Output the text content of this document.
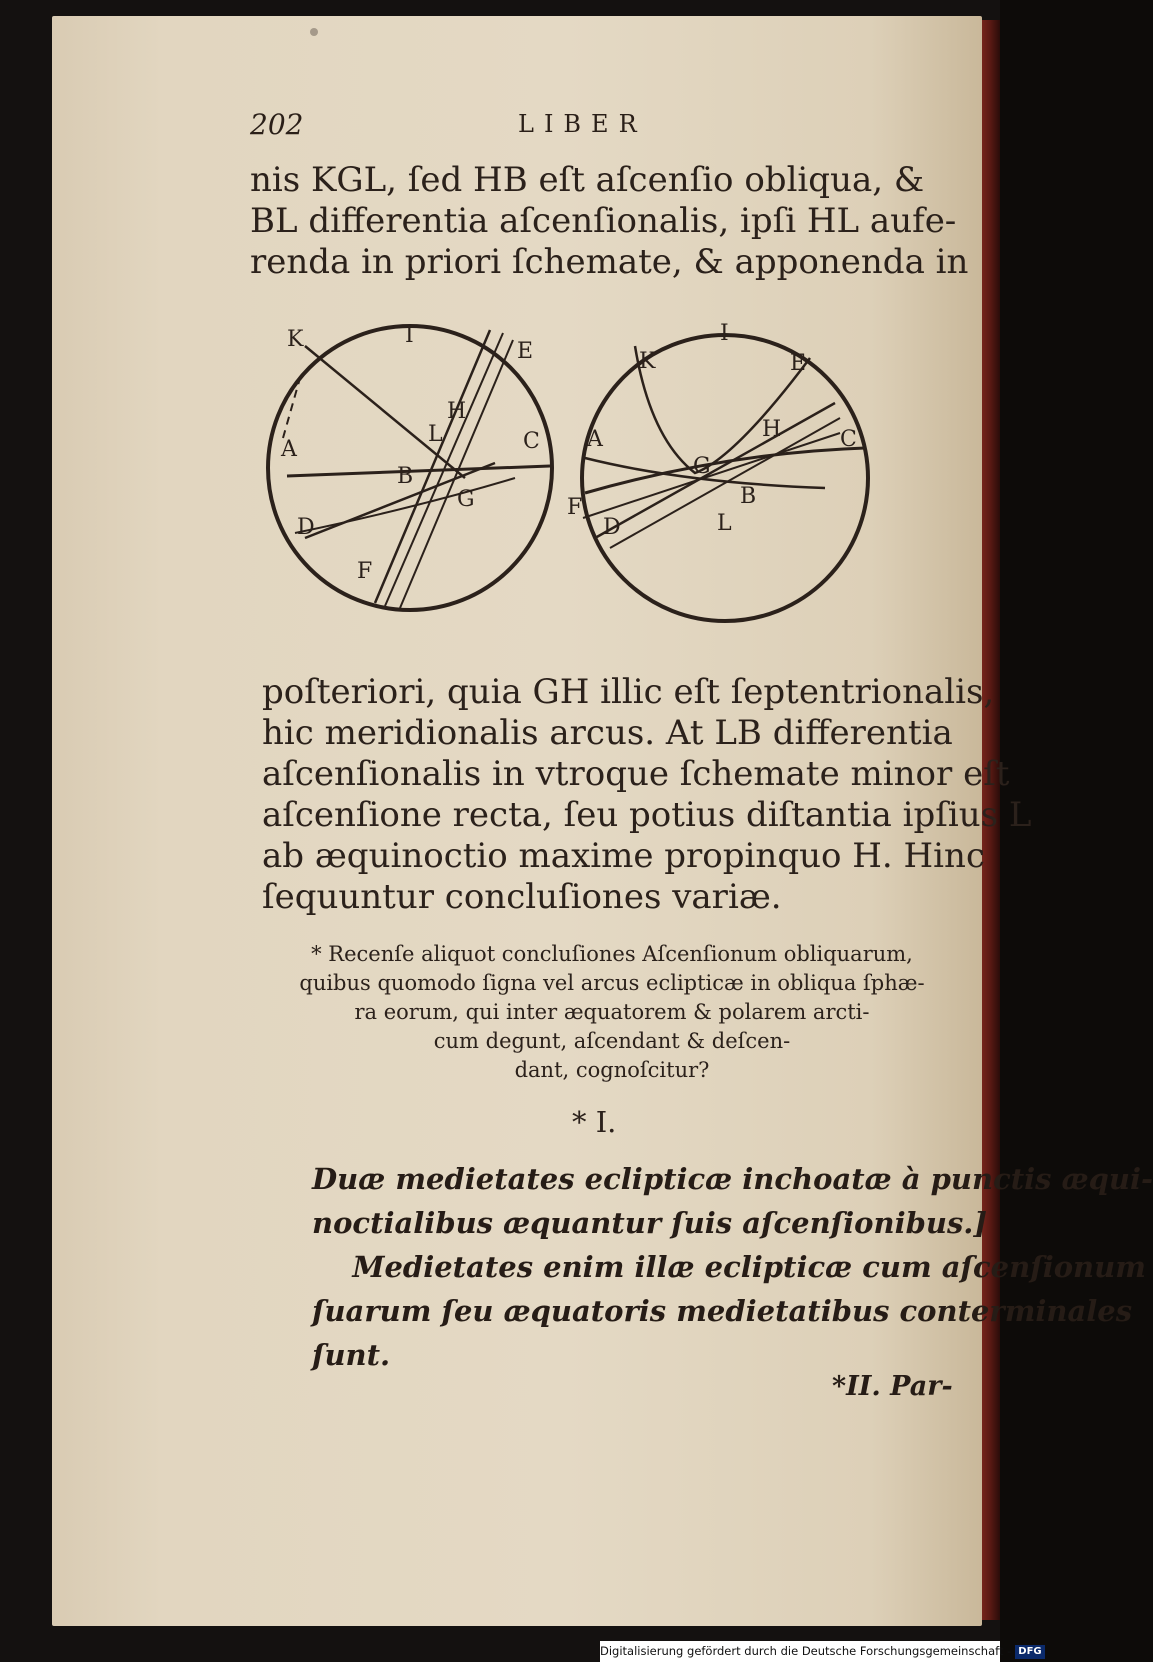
202	LIBER
nis KGL, ſed HB eſt aſcenſio obliqua, &
BL differentia aſcenſionalis, ipſi HL aufe-
renda in priori ſchemate, & apponenda in
K	I
E
H
L
A	C
B
G
D
F
I
K	E
A	H	C
G
F	B
D	L
poſteriori, quia GH illic eſt ſeptentrionalis,
hic meridionalis arcus. At LB differentia
aſcenſionalis in vtroque ſchemate minor eſt
aſcenſione recta, ſeu potius diſtantia ipſius L
ab æquinoctio maxime propinquo H. Hinc
ſequuntur concluſiones variæ.
* Recenſe aliquot concluſiones Aſcenſionum obliquarum,
quibus quomodo ſigna vel arcus eclipticæ in obliqua ſphæ-
ra eorum, qui inter æquatorem & polarem arcti-
cum degunt, aſcendant & deſcen-
dant, cognoſcitur?
* I.
Duæ medietates eclipticæ inchoatæ à punctis æqui-
noctialibus æquantur ſuis aſcenſionibus.]
Medietates enim illæ eclipticæ cum aſcenſionum
ſuarum ſeu æquatoris medietatibus conterminales
ſunt.
*II. Par-
Digitalisierung gefördert durch die Deutsche Forschungsgemeinschaft - DFG
